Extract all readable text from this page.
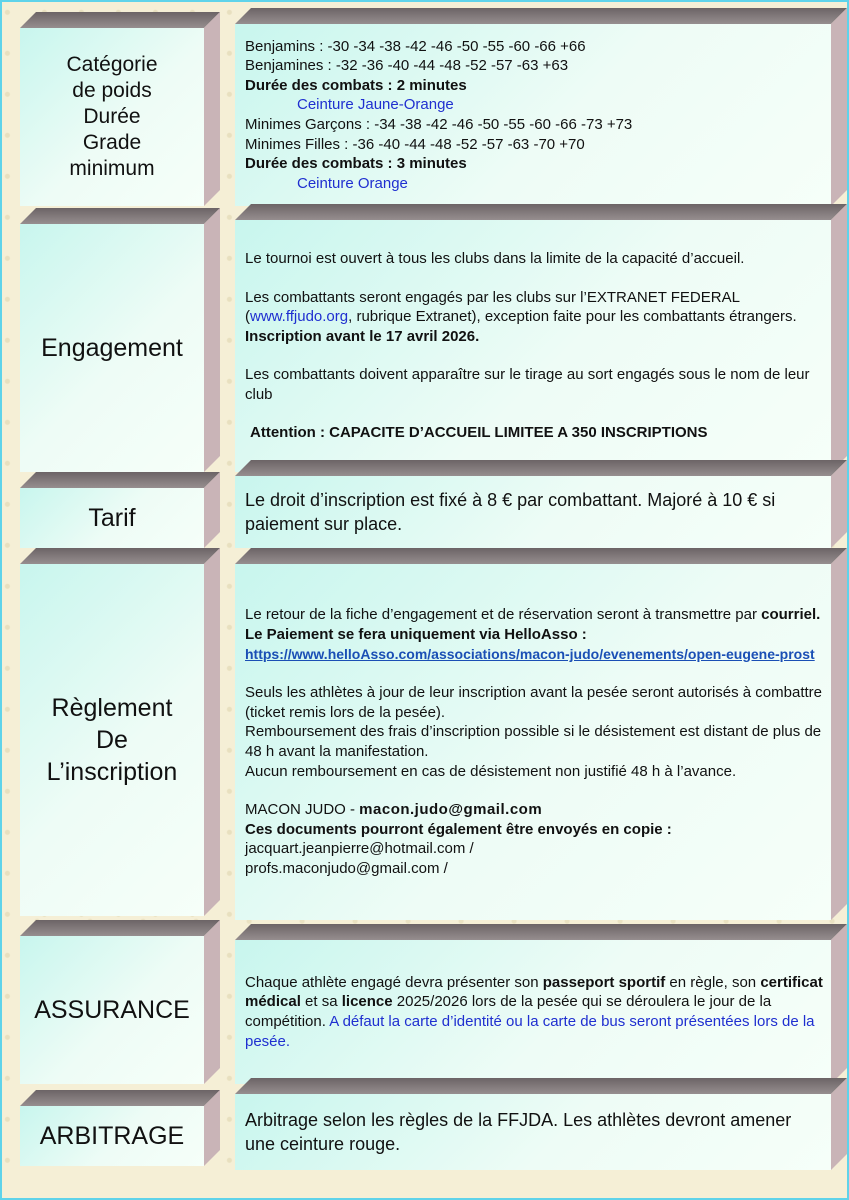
Catégorie
de poids
Durée
Grade
minimum

Benjamins : -30 -34 -38 -42 -46 -50 -55 -60 -66 +66

Benjamines : -32 -36 -40 -44 -48 -52 -57 -63 +63

Durée des combats : 2 minutes

Ceinture Jaune-Orange

Minimes Garçons : -34 -38 -42 -46 -50 -55 -60 -66 -73 +73

Minimes Filles : -36 -40 -44 -48 -52 -57 -63 -70 +70

Durée des combats : 3 minutes

Ceinture Orange

Engagement

Le tournoi est ouvert à tous les clubs dans la limite de la capacité d’accueil.

Les combattants seront engagés par les clubs sur l’EXTRANET FEDERAL (www.ffjudo.org, rubrique Extranet), exception faite pour les combattants étrangers. Inscription avant le 17 avril 2026.

Les combattants doivent apparaître sur le tirage au sort engagés sous le nom de leur club

Attention : CAPACITE D’ACCUEIL LIMITEE A 350 INSCRIPTIONS

Tarif

Le droit d’inscription est fixé à 8 € par combattant. Majoré à 10 € si paiement sur place.

Règlement
De
L’inscription

Le retour de la fiche d’engagement et de réservation seront à transmettre par courriel.

Le Paiement se fera uniquement via HelloAsso :

https://www.helloAsso.com/associations/macon-judo/evenements/open-eugene-prost

Seuls les athlètes à jour de leur inscription avant la pesée seront autorisés à combattre (ticket remis lors de la pesée).

Remboursement des frais d’inscription possible si le désistement est distant de plus de 48 h avant la manifestation.

Aucun remboursement en cas de désistement non justifié 48 h à l’avance.

MACON JUDO - macon.judo@gmail.com

Ces documents pourront également être envoyés en copie :

jacquart.jeanpierre@hotmail.com /

profs.maconjudo@gmail.com /

ASSURANCE

Chaque athlète engagé devra présenter son passeport sportif en règle, son certificat médical et sa licence 2025/2026 lors de la pesée qui se déroulera le jour de la compétition. A défaut la carte d’identité ou la carte de bus seront présentées lors de la pesée.

ARBITRAGE

Arbitrage selon les règles de la FFJDA. Les athlètes devront amener une ceinture rouge.
